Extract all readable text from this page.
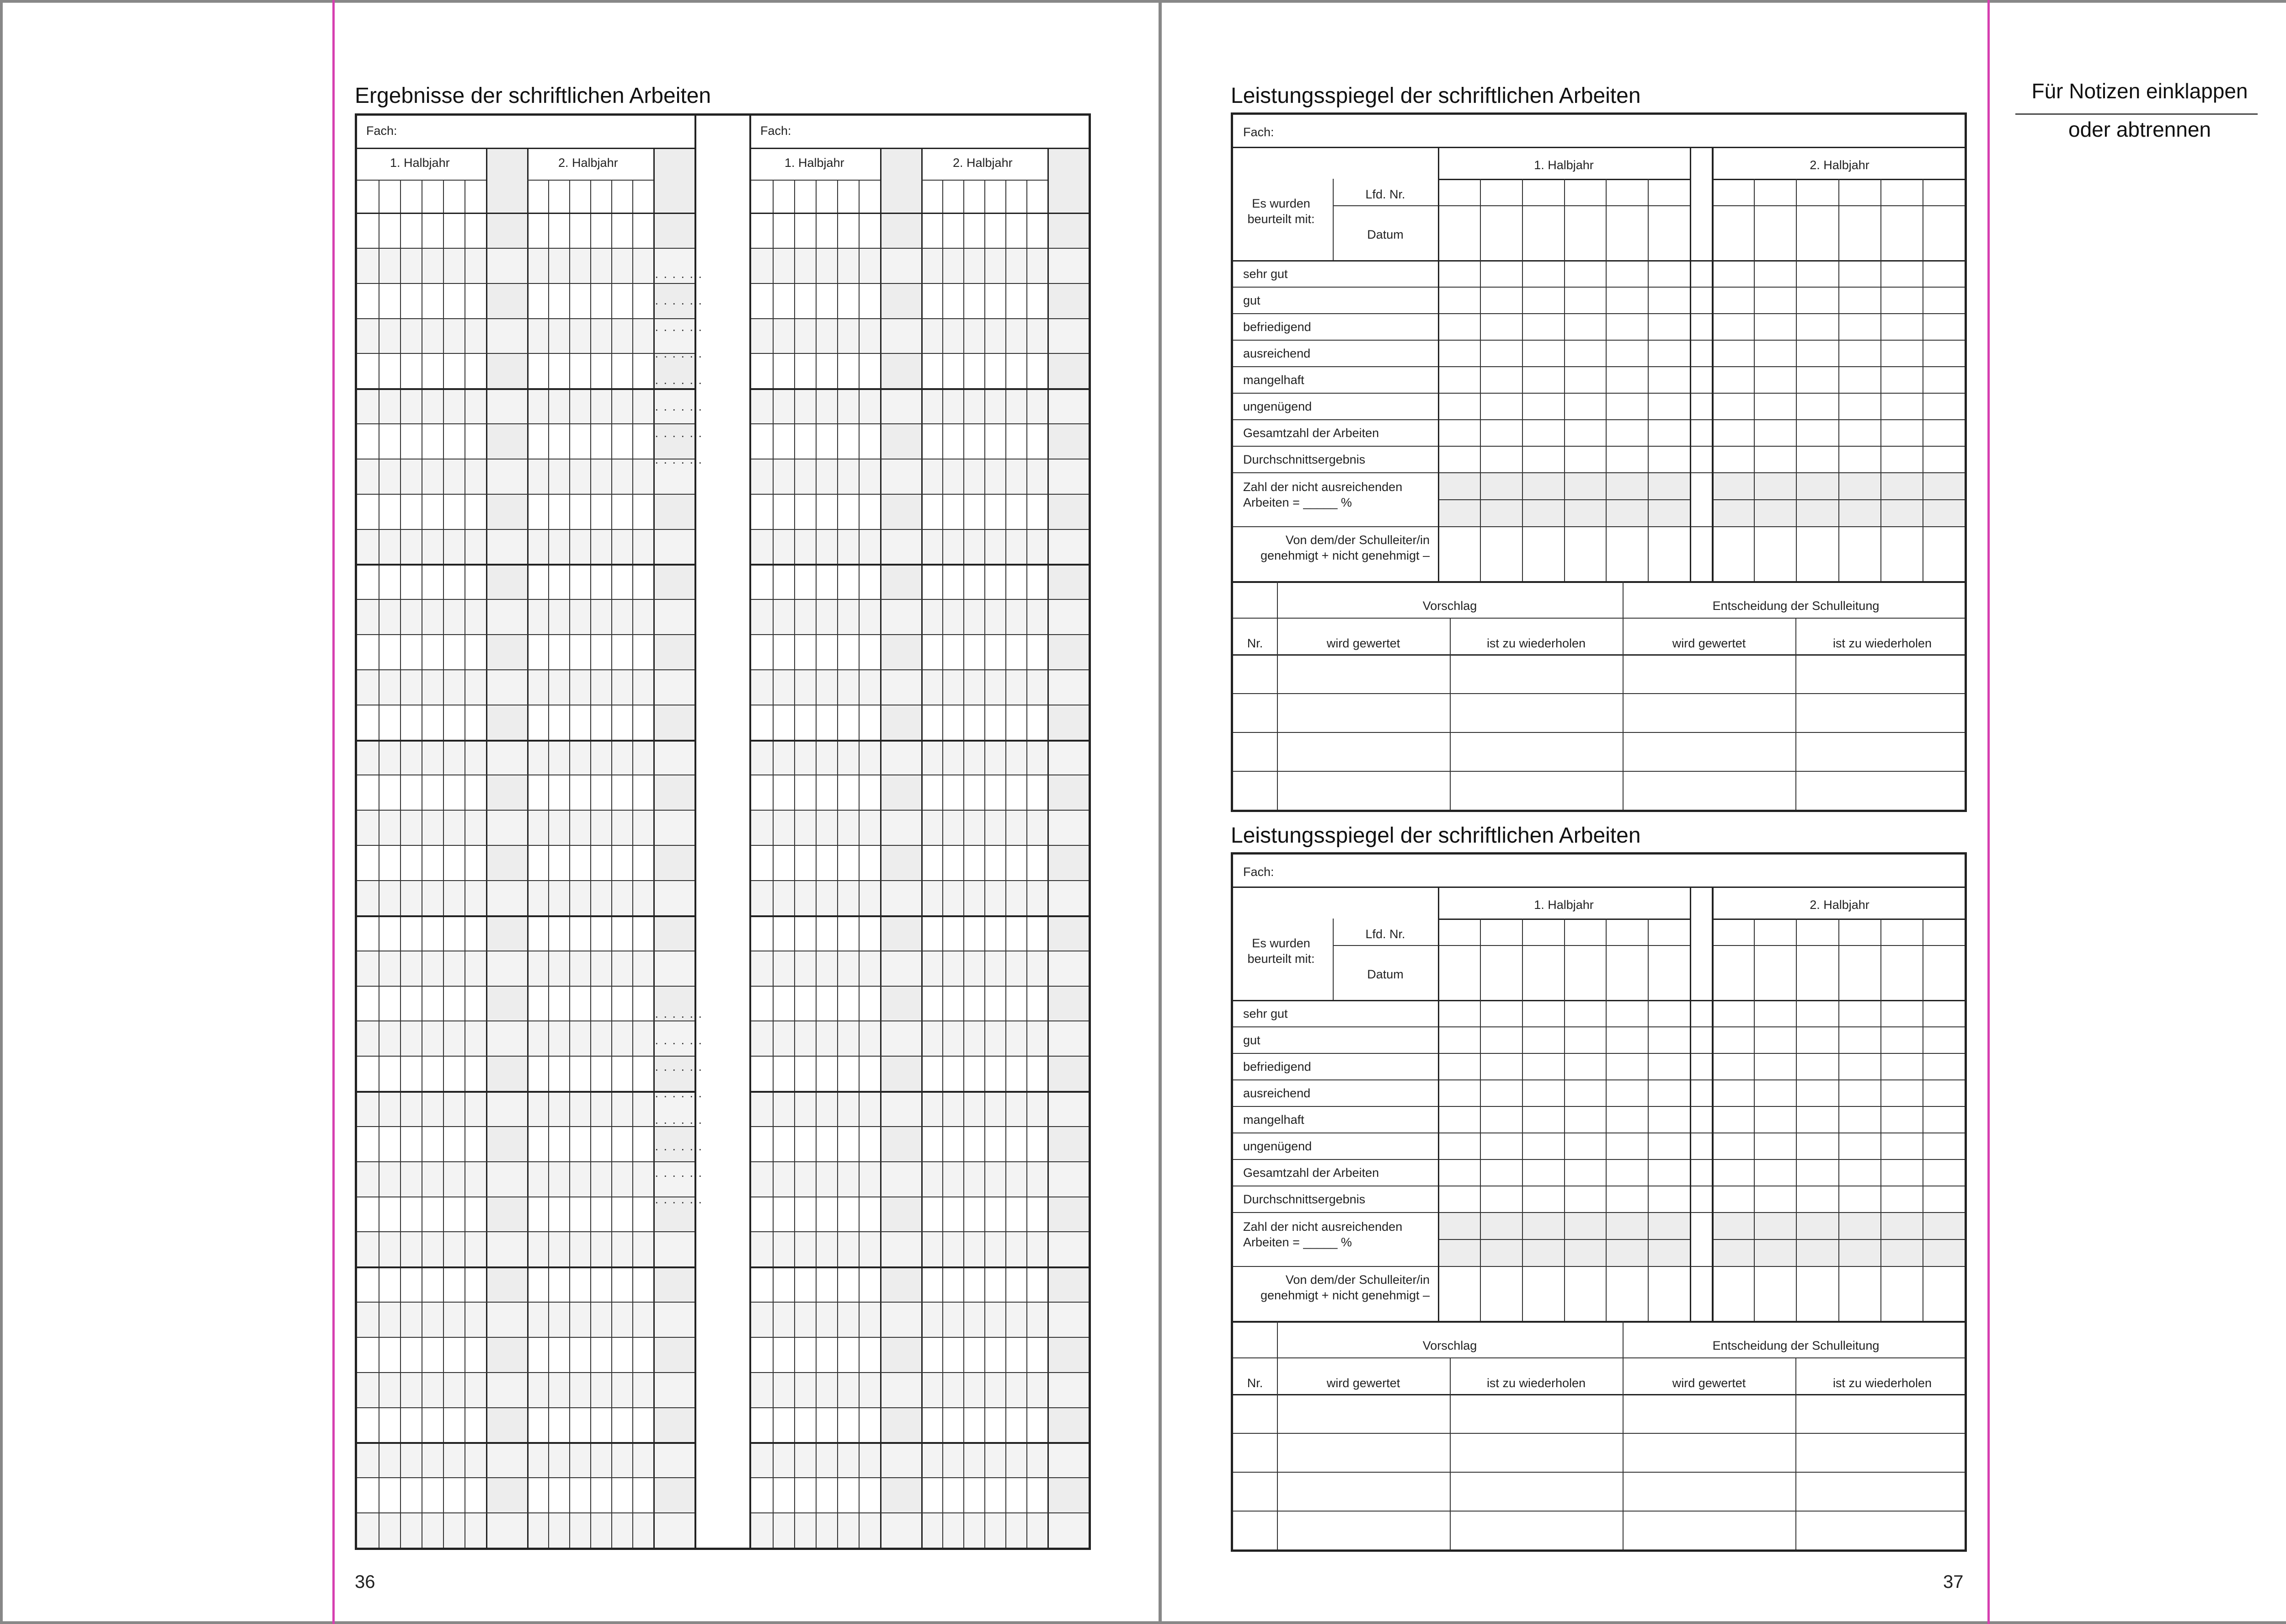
Ergebnisse der schriftlichen Arbeiten
Fach:
1. Halbjahr	2. Halbjahr
Fach:
1. Halbjahr	2. Halbjahr
36
Leistungsspiegel der schriftlichen Arbeiten
Fach:
1. Halbjahr	2. Halbjahr
Es wurden beurteilt mit:
Lfd. Nr.
Datum
sehr gut
. . . . . .
gut
. . . . . .
befriedigend
. . . . . .
ausreichend
. . . . . .
mangelhaft
. . . . . .
ungenügend
. . . . . .
Gesamtzahl der Arbeiten
. . . . . .
Durchschnittsergebnis
. . . . . .
Zahl der nicht ausreichenden Arbeiten = _____ %
Von dem/der Schulleiter/in genehmigt + nicht genehmigt –
Vorschlag	Entscheidung der Schulleitung
Nr.	wird gewertet	ist zu wiederholen	wird gewertet	ist zu wiederholen
Leistungsspiegel der schriftlichen Arbeiten
Fach:
1. Halbjahr	2. Halbjahr
Es wurden beurteilt mit:
Lfd. Nr.
Datum
sehr gut
. . . . . .
gut
. . . . . .
befriedigend
. . . . . .
ausreichend
. . . . . .
mangelhaft
. . . . . .
ungenügend
. . . . . .
Gesamtzahl der Arbeiten
. . . . . .
Durchschnittsergebnis
. . . . . .
Zahl der nicht ausreichenden Arbeiten = _____ %
Von dem/der Schulleiter/in genehmigt + nicht genehmigt –
Vorschlag	Entscheidung der Schulleitung
Nr.	wird gewertet	ist zu wiederholen	wird gewertet	ist zu wiederholen
37
Für Notizen einklappen
oder abtrennen
